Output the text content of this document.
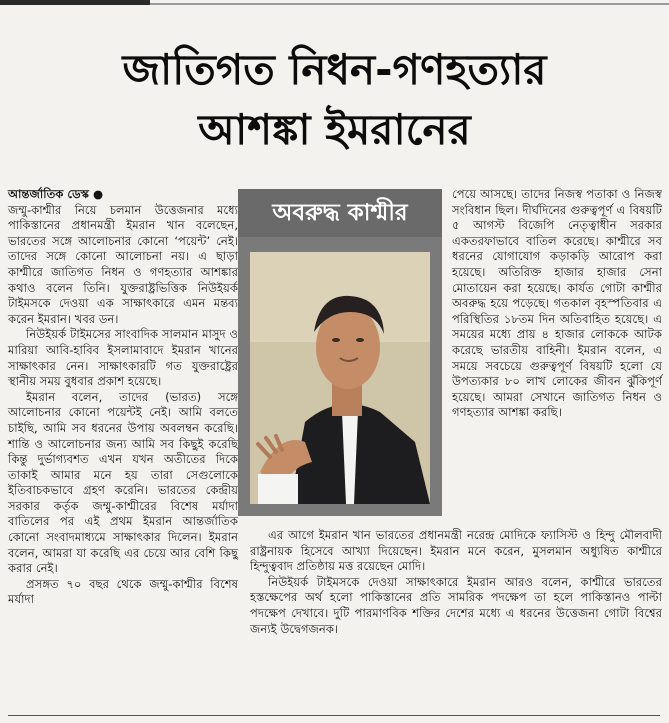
জাতিগত নিধন-গণহত্যার
আশঙ্কা ইমরানের

আন্তর্জাতিক ডেস্ক ●

জম্মু-কাশ্মীর নিয়ে চলমান উত্তেজনার মধ্যে পাকিস্তানের প্রধানমন্ত্রী ইমরান খান বলেছেন, ভারতের সঙ্গে আলোচনার কোনো ‘পয়েন্ট’ নেই। তাদের সঙ্গে কোনো আলোচনা নয়। এ ছাড়া কাশ্মীরে জাতিগত নিধন ও গণহত্যার আশঙ্কার কথাও বলেন তিনি। যুক্তরাষ্ট্রভিত্তিক নিউইয়র্ক টাইমসকে দেওয়া এক সাক্ষাৎকারে এমন মন্তব্য করেন ইমরান। খবর ডন।

নিউইয়র্ক টাইমসের সাংবাদিক সালমান মাসুদ ও মারিয়া আবি-হাবিব ইসলামাবাদে ইমরান খানের সাক্ষাৎকার নেন। সাক্ষাৎকারটি গত যুক্তরাষ্ট্রের স্থানীয় সময় বুধবার প্রকাশ হয়েছে।

ইমরান বলেন, তাদের (ভারত) সঙ্গে আলোচনার কোনো পয়েন্টই নেই। আমি বলতে চাইছি, আমি সব ধরনের উপায় অবলম্বন করেছি। শান্তি ও আলোচনার জন্য আমি সব কিছুই করেছি কিন্তু দুর্ভাগ্যবশত এখন যখন অতীতের দিকে তাকাই আমার মনে হয় তারা সেগুলোকে ইতিবাচকভাবে গ্রহণ করেনি। ভারতের কেন্দ্রীয় সরকার কর্তৃক জম্মু-কাশ্মীরের বিশেষ মর্যাদা বাতিলের পর এই প্রথম ইমরান আন্তর্জাতিক কোনো সংবাদমাধ্যমে সাক্ষাৎকার দিলেন। ইমরান বলেন, আমরা যা করেছি এর চেয়ে আর বেশি কিছু করার নেই।

প্রসঙ্গত ৭০ বছর থেকে জম্মু-কাশ্মীর বিশেষ মর্যাদা

অবরুদ্ধ কাশ্মীর

পেয়ে আসছে। তাদের নিজস্ব পতাকা ও নিজস্ব সংবিধান ছিল। দীর্ঘদিনের গুরুত্বপূর্ণ এ বিষয়টি ৫ আগস্ট বিজেপি নেতৃত্বাধীন সরকার একতরফাভাবে বাতিল করেছে। কাশ্মীরে সব ধরনের যোগাযোগ কড়াকড়ি আরোপ করা হয়েছে। অতিরিক্ত হাজার হাজার সেনা মোতায়েন করা হয়েছে। কার্যত গোটা কাশ্মীর অবরুদ্ধ হয়ে পড়েছে। গতকাল বৃহস্পতিবার এ পরিস্থিতির ১৮তম দিন অতিবাহিত হয়েছে। এ সময়ের মধ্যে প্রায় ৪ হাজার লোককে আটক করেছে ভারতীয় বাহিনী। ইমরান বলেন, এ সময়ে সবচেয়ে গুরুত্বপূর্ণ বিষয়টি হলো যে উপত্যকার ৮০ লাখ লোকের জীবন ঝুঁকিপূর্ণ হয়েছে। আমরা সেখানে জাতিগত নিধন ও গণহত্যার আশঙ্কা করছি।

এর আগে ইমরান খান ভারতের প্রধানমন্ত্রী নরেন্দ্র মোদিকে ফ্যাসিস্ট ও হিন্দু মৌলবাদী রাষ্ট্রনায়ক হিসেবে আখ্যা দিয়েছেন। ইমরান মনে করেন, মুসলমান অধ্যুষিত কাশ্মীরে হিন্দুত্ববাদ প্রতিষ্ঠায় মত্ত রয়েছেন মোদি।

নিউইয়র্ক টাইমসকে দেওয়া সাক্ষাৎকারে ইমরান আরও বলেন, কাশ্মীরে ভারতের হস্তক্ষেপের অর্থ হলো পাকিস্তানের প্রতি সামরিক পদক্ষেপ তা হলে পাকিস্তানও পাল্টা পদক্ষেপ দেখাবে। দুটি পারমাণবিক শক্তির দেশের মধ্যে এ ধরনের উত্তেজনা গোটা বিশ্বের জন্যই উদ্বেগজনক।
